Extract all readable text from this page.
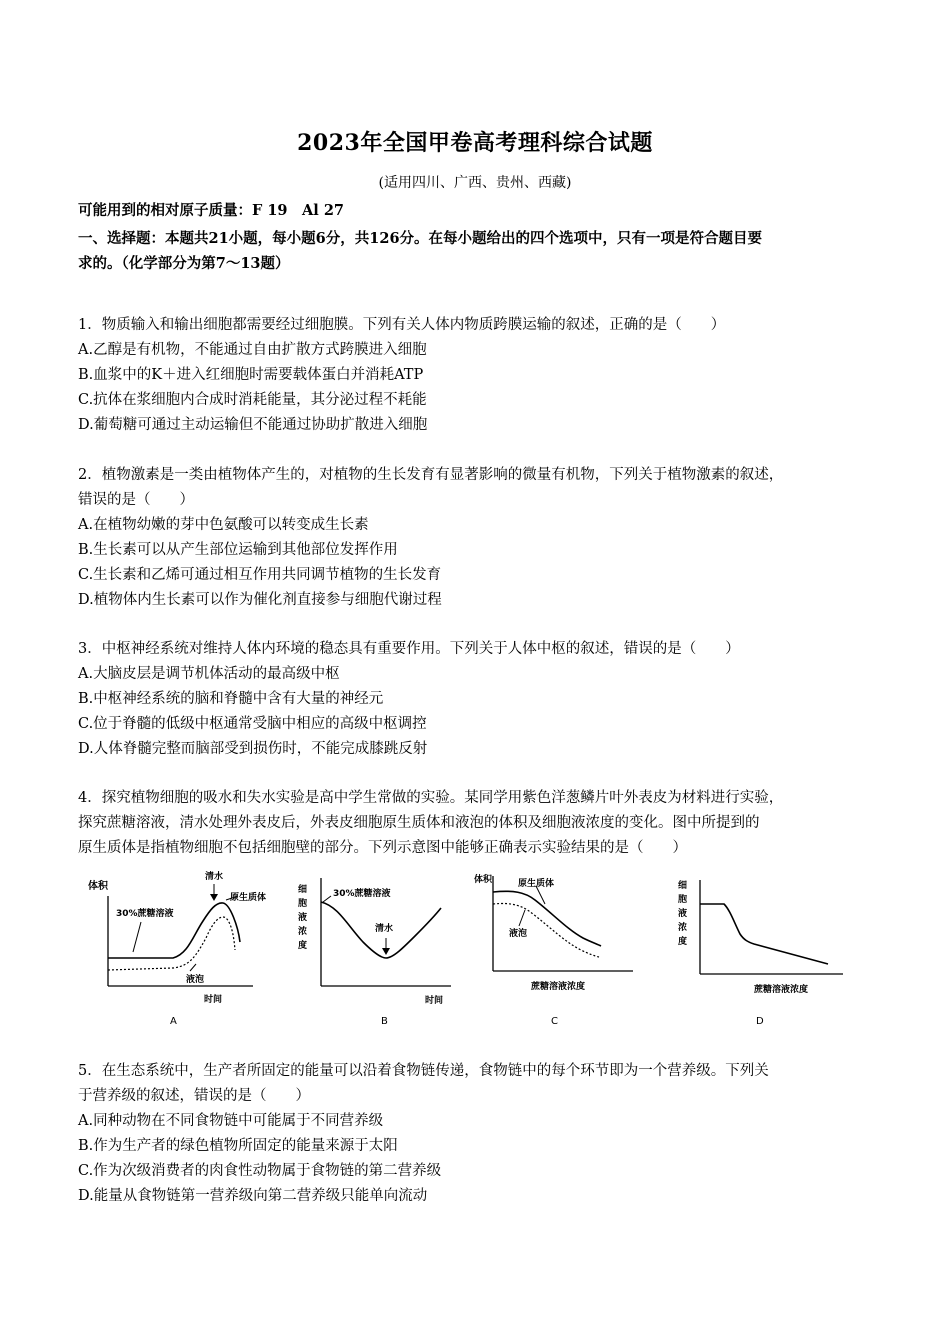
2023年全国甲卷高考理科综合试题
(适用四川、广西、贵州、西藏)
可能用到的相对原子质量：F 19　Al 27
一、选择题：本题共21小题，每小题6分，共126分。在每小题给出的四个选项中，只有一项是符合题目要
求的。（化学部分为第7～13题）
1．物质输入和输出细胞都需要经过细胞膜。下列有关人体内物质跨膜运输的叙述，正确的是（　　）
A.乙醇是有机物，不能通过自由扩散方式跨膜进入细胞
B.血浆中的K＋进入红细胞时需要载体蛋白并消耗ATP
C.抗体在浆细胞内合成时消耗能量，其分泌过程不耗能
D.葡萄糖可通过主动运输但不能通过协助扩散进入细胞
2．植物激素是一类由植物体产生的，对植物的生长发育有显著影响的微量有机物，下列关于植物激素的叙述，
错误的是（　　）
A.在植物幼嫩的芽中色氨酸可以转变成生长素
B.生长素可以从产生部位运输到其他部位发挥作用
C.生长素和乙烯可通过相互作用共同调节植物的生长发育
D.植物体内生长素可以作为催化剂直接参与细胞代谢过程
3．中枢神经系统对维持人体内环境的稳态具有重要作用。下列关于人体中枢的叙述，错误的是（　　）
A.大脑皮层是调节机体活动的最高级中枢
B.中枢神经系统的脑和脊髓中含有大量的神经元
C.位于脊髓的低级中枢通常受脑中相应的高级中枢调控
D.人体脊髓完整而脑部受到损伤时，不能完成膝跳反射
4．探究植物细胞的吸水和失水实验是高中学生常做的实验。某同学用紫色洋葱鳞片叶外表皮为材料进行实验，
探究蔗糖溶液，清水处理外表皮后，外表皮细胞原生质体和液泡的体积及细胞液浓度的变化。图中所提到的
原生质体是指植物细胞不包括细胞壁的部分。下列示意图中能够正确表示实验结果的是（　　）
体积
30%蔗糖溶液
清水
原生质体
液泡
时间
A
细
胞
液
浓
度
30%蔗糖溶液
清水
时间
B
体积	原生质体
液泡
蔗糖溶液浓度
C
细
胞
液
浓
度
蔗糖溶液浓度
D
5．在生态系统中，生产者所固定的能量可以沿着食物链传递，食物链中的每个环节即为一个营养级。下列关
于营养级的叙述，错误的是（　　）
A.同种动物在不同食物链中可能属于不同营养级
B.作为生产者的绿色植物所固定的能量来源于太阳
C.作为次级消费者的肉食性动物属于食物链的第二营养级
D.能量从食物链第一营养级向第二营养级只能单向流动
